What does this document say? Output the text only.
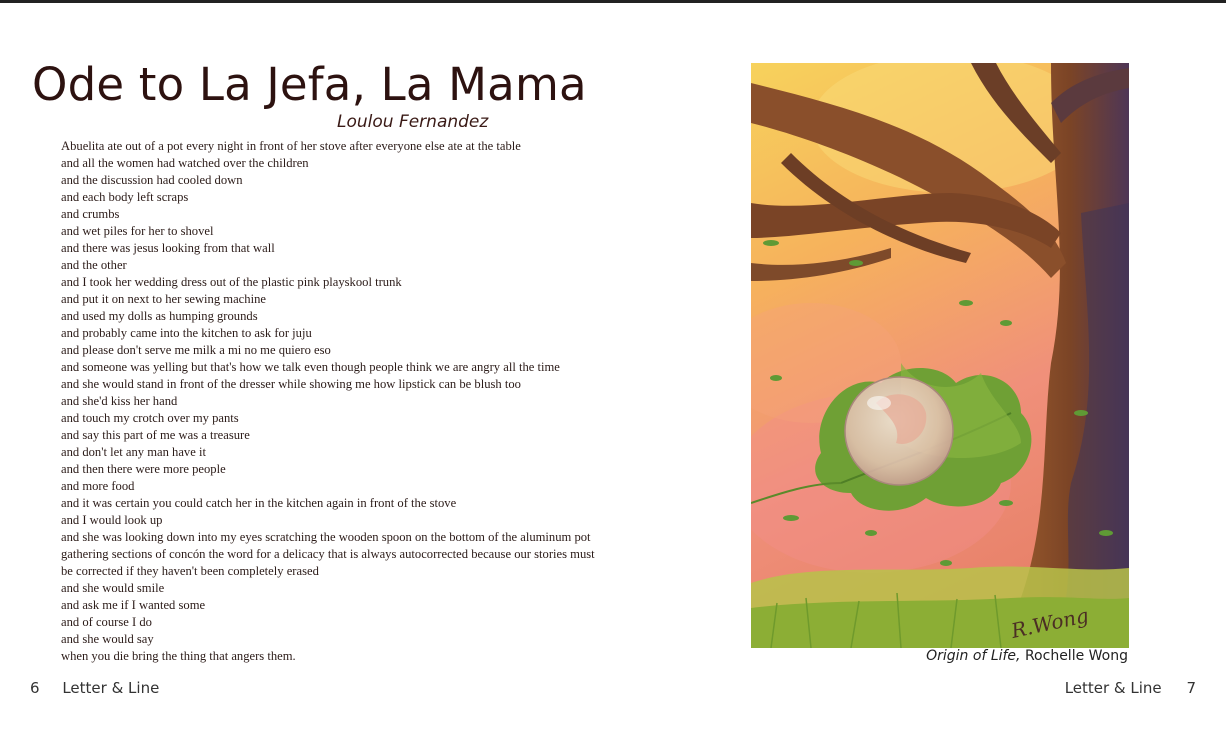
Ode to La Jefa, La Mama
Loulou Fernandez
Abuelita ate out of a pot every night in front of her stove after everyone else ate at the table
and all the women had watched over the children
and the discussion had cooled down
and each body left scraps
and crumbs
and wet piles for her to shovel
and there was jesus looking from that wall
and the other
and I took her wedding dress out of the plastic pink playskool trunk
and put it on next to her sewing machine
and used my dolls as humping grounds
and probably came into the kitchen to ask for juju
and please don't serve me milk a mi no me quiero eso
and someone was yelling but that's how we talk even though people think we are angry all the time
and she would stand in front of the dresser while showing me how lipstick can be blush too
and she'd kiss her hand
and touch my crotch over my pants
and say this part of me was a treasure
and don't let any man have it
and then there were more people
and more food
and it was certain you could catch her in the kitchen again in front of the stove
and I would look up
and she was looking down into my eyes scratching the wooden spoon on the bottom of the aluminum pot
gathering sections of concón the word for a delicacy that is always autocorrected because our stories must
be corrected if they haven't been completely erased
and she would smile
and ask me if I wanted some
and of course I do
and she would say
when you die bring the thing that angers them.
R.Wong
Origin of Life, Rochelle Wong
6 Letter & Line	Letter & Line 7
